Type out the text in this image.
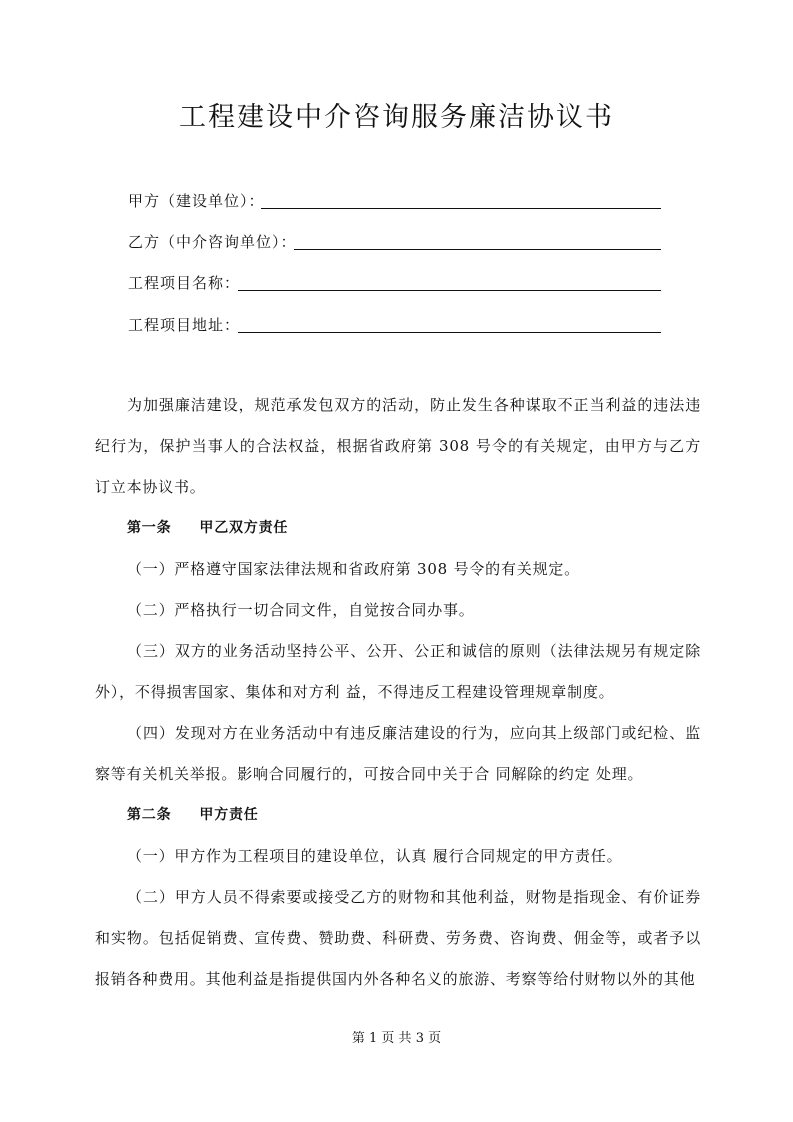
工程建设中介咨询服务廉洁协议书
甲方（建设单位）：
乙方（中介咨询单位）：
工程项目名称：
工程项目地址：

为加强廉洁建设，规范承发包双方的活动，防止发生各种谋取不正当利益的违法违纪行为，保护当事人的合法权益，根据省政府第 308 号令的有关规定，由甲方与乙方订立本协议书。

第一条 甲乙双方责任

（一）严格遵守国家法律法规和省政府第 308 号令的有关规定。

（二）严格执行一切合同文件，自觉按合同办事。

（三）双方的业务活动坚持公平、公开、公正和诚信的原则（法律法规另有规定除外），不得损害国家、集体和对方利 益，不得违反工程建设管理规章制度。

（四）发现对方在业务活动中有违反廉洁建设的行为，应向其上级部门或纪检、监察等有关机关举报。影响合同履行的，可按合同中关于合 同解除的约定 处理。

第二条 甲方责任

（一）甲方作为工程项目的建设单位，认真 履行合同规定的甲方责任。

（二）甲方人员不得索要或接受乙方的财物和其他利益，财物是指现金、有价证券和实物。包括促销费、宣传费、赞助费、科研费、劳务费、咨询费、佣金等，或者予以报销各种费用。其他利益是指提供国内外各种名义的旅游、考察等给付财物以外的其他

第 1 页 共 3 页
